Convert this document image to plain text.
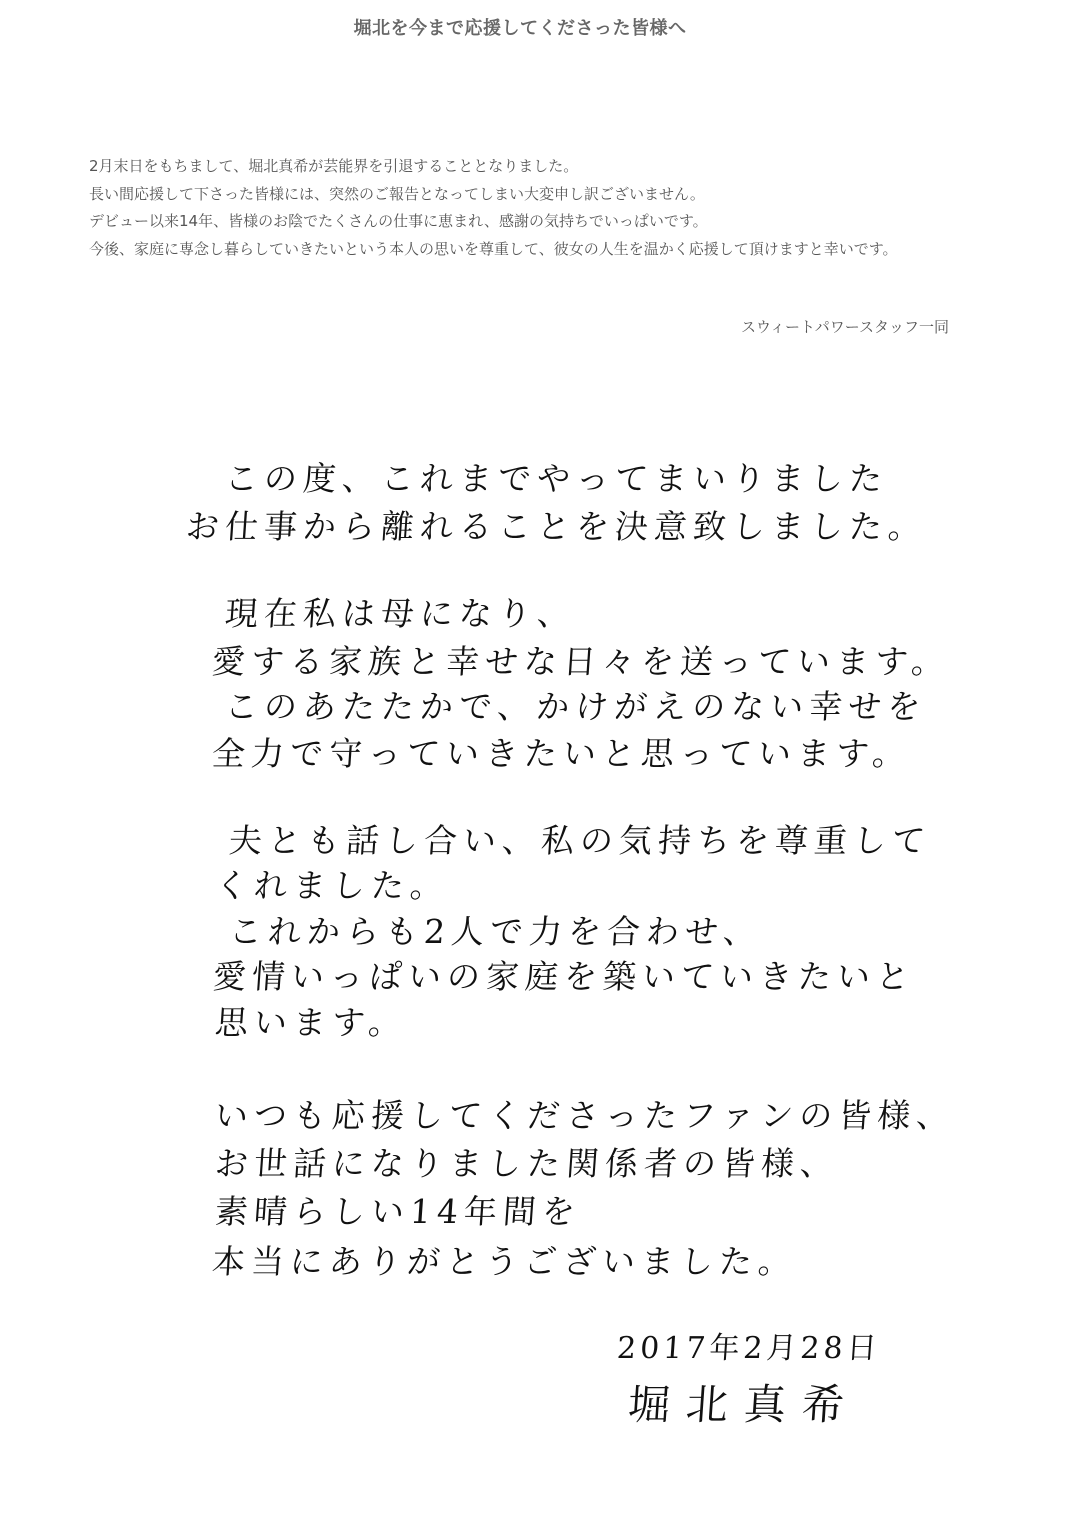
堀北を今まで応援してくださった皆様へ

2月末日をもちまして、堀北真希が芸能界を引退することとなりました。

長い間応援して下さった皆様には、突然のご報告となってしまい大変申し訳ございません。

デビュー以来14年、皆様のお陰でたくさんの仕事に恵まれ、感謝の気持ちでいっぱいです。

今後、家庭に専念し暮らしていきたいという本人の思いを尊重して、彼女の人生を温かく応援して頂けますと幸いです。

スウィートパワースタッフ一同
この度、これまでやってまいりました
お仕事から離れることを決意致しました。
現在私は母になり、
愛する家族と幸せな日々を送っています。
このあたたかで、かけがえのない幸せを
全力で守っていきたいと思っています。
夫とも話し合い、私の気持ちを尊重して
くれました。
これからも2人で力を合わせ、
愛情いっぱいの家庭を築いていきたいと
思います。
いつも応援してくださったファンの皆様、
お世話になりました関係者の皆様、
素晴らしい14年間を
本当にありがとうございました。
2017年2月28日
堀北真希
